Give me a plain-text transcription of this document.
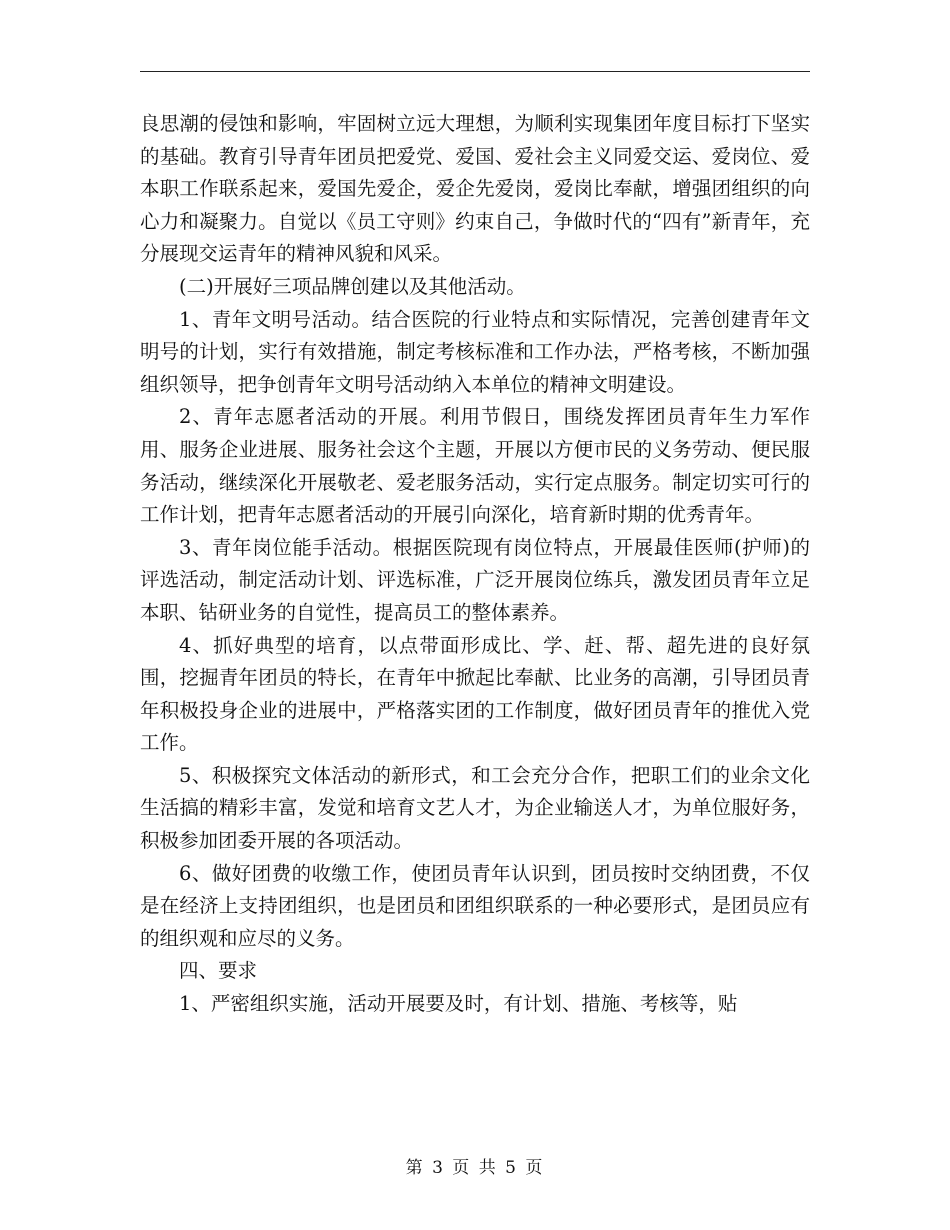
良思潮的侵蚀和影响，牢固树立远大理想，为顺利实现集团年度目标打下坚实的基础。教育引导青年团员把爱党、爱国、爱社会主义同爱交运、爱岗位、爱本职工作联系起来，爱国先爱企，爱企先爱岗，爱岗比奉献，增强团组织的向心力和凝聚力。自觉以《员工守则》约束自己，争做时代的“四有”新青年，充分展现交运青年的精神风貌和风采。

(二)开展好三项品牌创建以及其他活动。

1、青年文明号活动。结合医院的行业特点和实际情况，完善创建青年文明号的计划，实行有效措施，制定考核标准和工作办法，严格考核，不断加强组织领导，把争创青年文明号活动纳入本单位的精神文明建设。

2、青年志愿者活动的开展。利用节假日，围绕发挥团员青年生力军作用、服务企业进展、服务社会这个主题，开展以方便市民的义务劳动、便民服务活动，继续深化开展敬老、爱老服务活动，实行定点服务。制定切实可行的工作计划，把青年志愿者活动的开展引向深化，培育新时期的优秀青年。

3、青年岗位能手活动。根据医院现有岗位特点，开展最佳医师(护师)的评选活动，制定活动计划、评选标准，广泛开展岗位练兵，激发团员青年立足本职、钻研业务的自觉性，提高员工的整体素养。

4、抓好典型的培育，以点带面形成比、学、赶、帮、超先进的良好氛围，挖掘青年团员的特长，在青年中掀起比奉献、比业务的高潮，引导团员青年积极投身企业的进展中，严格落实团的工作制度，做好团员青年的推优入党工作。

5、积极探究文体活动的新形式，和工会充分合作，把职工们的业余文化生活搞的精彩丰富，发觉和培育文艺人才，为企业输送人才，为单位服好务，积极参加团委开展的各项活动。

6、做好团费的收缴工作，使团员青年认识到，团员按时交纳团费，不仅是在经济上支持团组织，也是团员和团组织联系的一种必要形式，是团员应有的组织观和应尽的义务。

四、要求

1、严密组织实施，活动开展要及时，有计划、措施、考核等，贴

第 3 页 共 5 页
